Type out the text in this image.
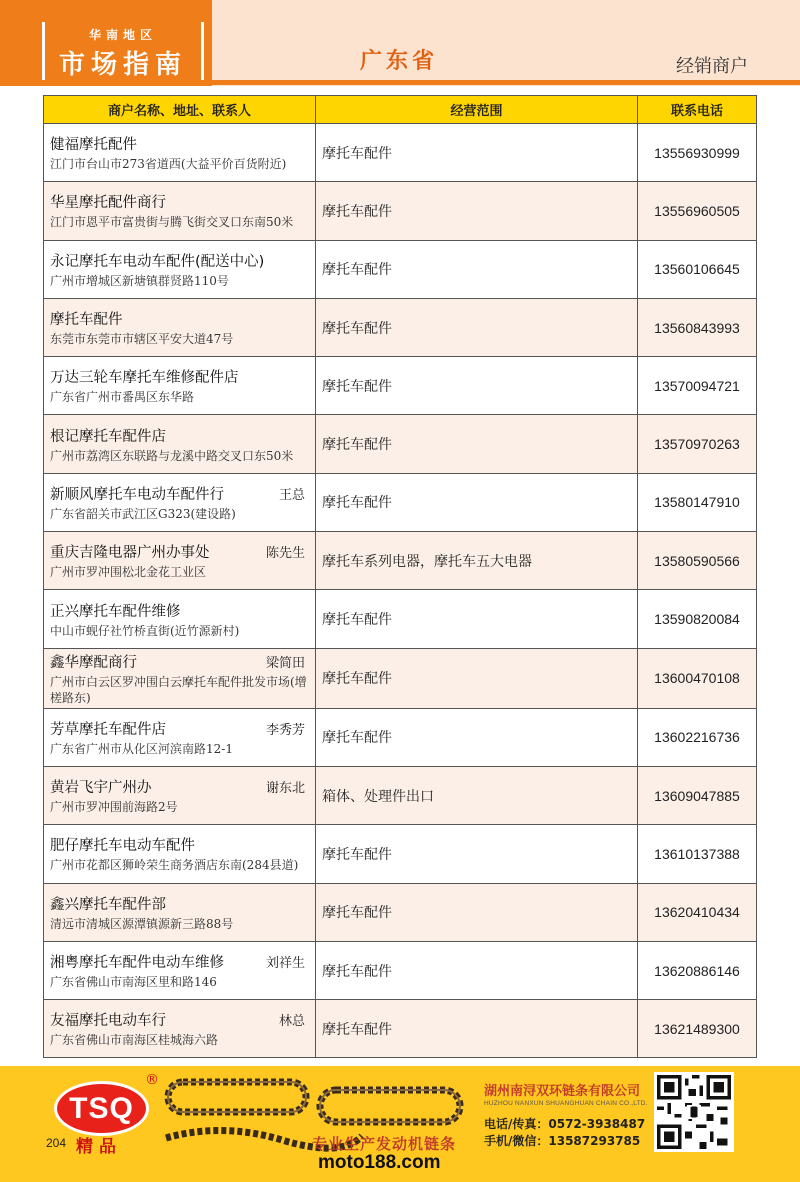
华南地区
市场指南	广东省	经销商户
商户名称、地址、联系人	经营范围	联系电话

健福摩托配件
江门市台山市273省道西(大益平价百货附近)	摩托车配件	13556930999

华星摩托配件商行
江门市恩平市富贵街与腾飞街交叉口东南50米	摩托车配件	13556960505

永记摩托车电动车配件(配送中心)
广州市增城区新塘镇群贤路110号	摩托车配件	13560106645

摩托车配件
东莞市东莞市市辖区平安大道47号	摩托车配件	13560843993

万达三轮车摩托车维修配件店
广东省广州市番禺区东华路	摩托车配件	13570094721

根记摩托车配件店
广州市荔湾区东联路与龙溪中路交叉口东50米	摩托车配件	13570970263

新顺风摩托车电动车配件行 王总
广东省韶关市武江区G323(建设路)	摩托车配件	13580147910

重庆吉隆电器广州办事处 陈先生
广州市罗冲围松北金花工业区	摩托车系列电器，摩托车五大电器	13580590566

正兴摩托车配件维修
中山市蚬仔社竹桥直街(近竹源新村)	摩托车配件	13590820084

鑫华摩配商行 梁简田
广州市白云区罗冲围白云摩托车配件批发市场(增槎路东)	摩托车配件	13600470108

芳草摩托车配件店 李秀芳
广东省广州市从化区河滨南路12-1	摩托车配件	13602216736

黄岩飞宇广州办 谢东北
广州市罗冲围前海路2号	箱体、处理件出口	13609047885

肥仔摩托车电动车配件
广州市花都区狮岭荣生商务酒店东南(284县道)	摩托车配件	13610137388

鑫兴摩托车配件部
清远市清城区源潭镇源新三路88号	摩托车配件	13620410434

湘粤摩托车配件电动车维修 刘祥生
广东省佛山市南海区里和路146	摩托车配件	13620886146

友福摩托电动车行 林总
广东省佛山市南海区桂城海六路	摩托车配件	13621489300
TSQ
®
204 精品	专业生产发动机链条
湖州南浔双环链条有限公司
HUZHOU NANXUN SHUANGHUAN CHAIN CO.,LTD.
电话/传真：0572-3938487
手机/微信：13587293785
moto188.com
